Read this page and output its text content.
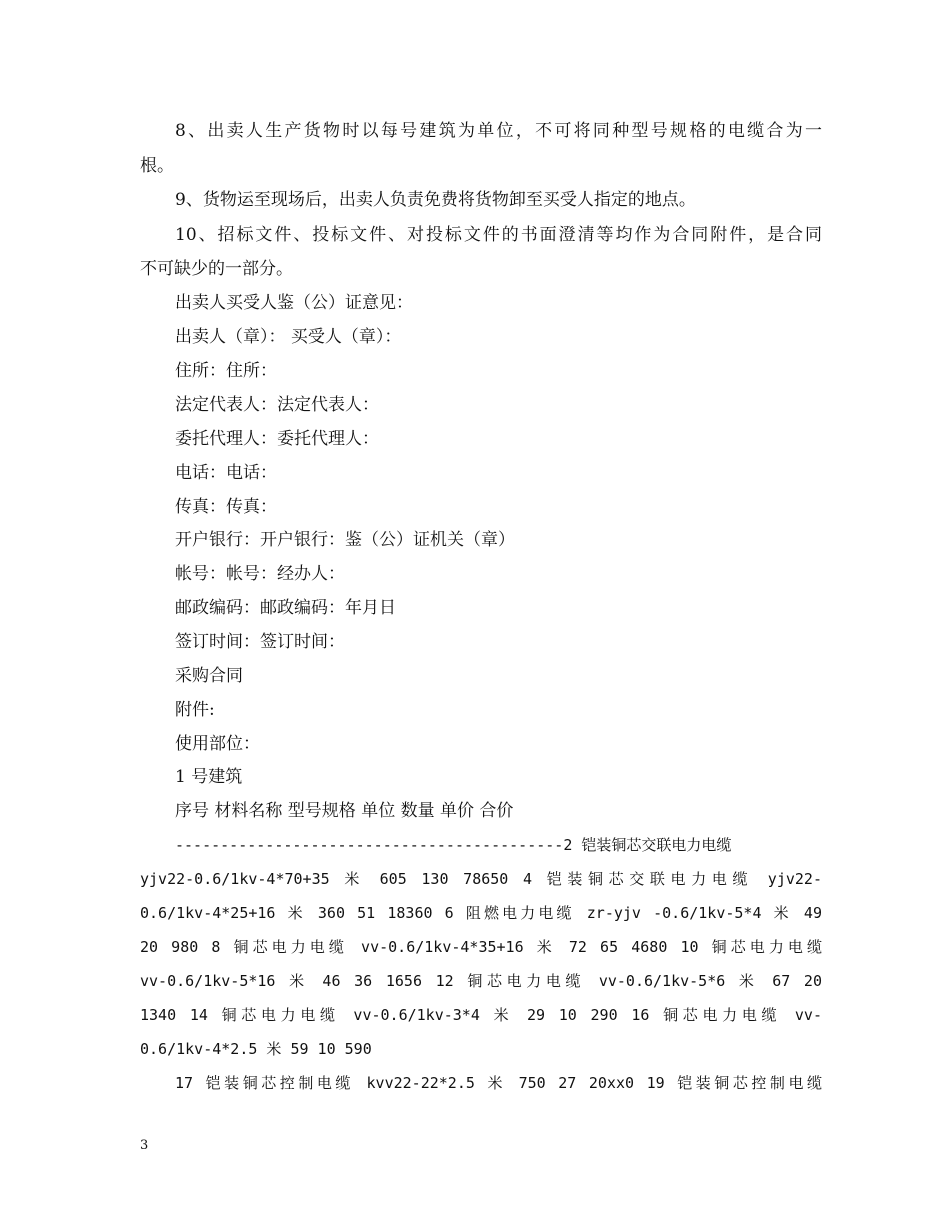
8、出卖人生产货物时以每号建筑为单位，不可将同种型号规格的电缆合为一
根。
9、货物运至现场后，出卖人负责免费将货物卸至买受人指定的地点。
10、招标文件、投标文件、对投标文件的书面澄清等均作为合同附件，是合同
不可缺少的一部分。
出卖人买受人鉴（公）证意见：
出卖人（章）： 买受人（章）：
住所：住所：
法定代表人：法定代表人：
委托代理人：委托代理人：
电话：电话：
传真：传真：
开户银行：开户银行：鉴（公）证机关（章）
帐号：帐号：经办人：
邮政编码：邮政编码：年月日
签订时间：签订时间：
采购合同
附件:
使用部位：
1 号建筑
序号 材料名称 型号规格 单位 数量 单价 合价
-------------------------------------------2 铠装铜芯交联电力电缆
yjv22-0.6/1kv-4*70+35 米 605 130 78650 4 铠装铜芯交联电力电缆 yjv22-
0.6/1kv-4*25+16 米 360 51 18360 6 阻燃电力电缆 zr-yjv -0.6/1kv-5*4 米 49
20 980 8 铜芯电力电缆 vv-0.6/1kv-4*35+16 米 72 65 4680 10 铜芯电力电缆
vv-0.6/1kv-5*16 米 46 36 1656 12 铜芯电力电缆 vv-0.6/1kv-5*6 米 67 20
1340 14 铜芯电力电缆 vv-0.6/1kv-3*4 米 29 10 290 16 铜芯电力电缆 vv-
0.6/1kv-4*2.5 米 59 10 590
17 铠装铜芯控制电缆 kvv22-22*2.5 米 750 27 20xx0 19 铠装铜芯控制电缆
3
